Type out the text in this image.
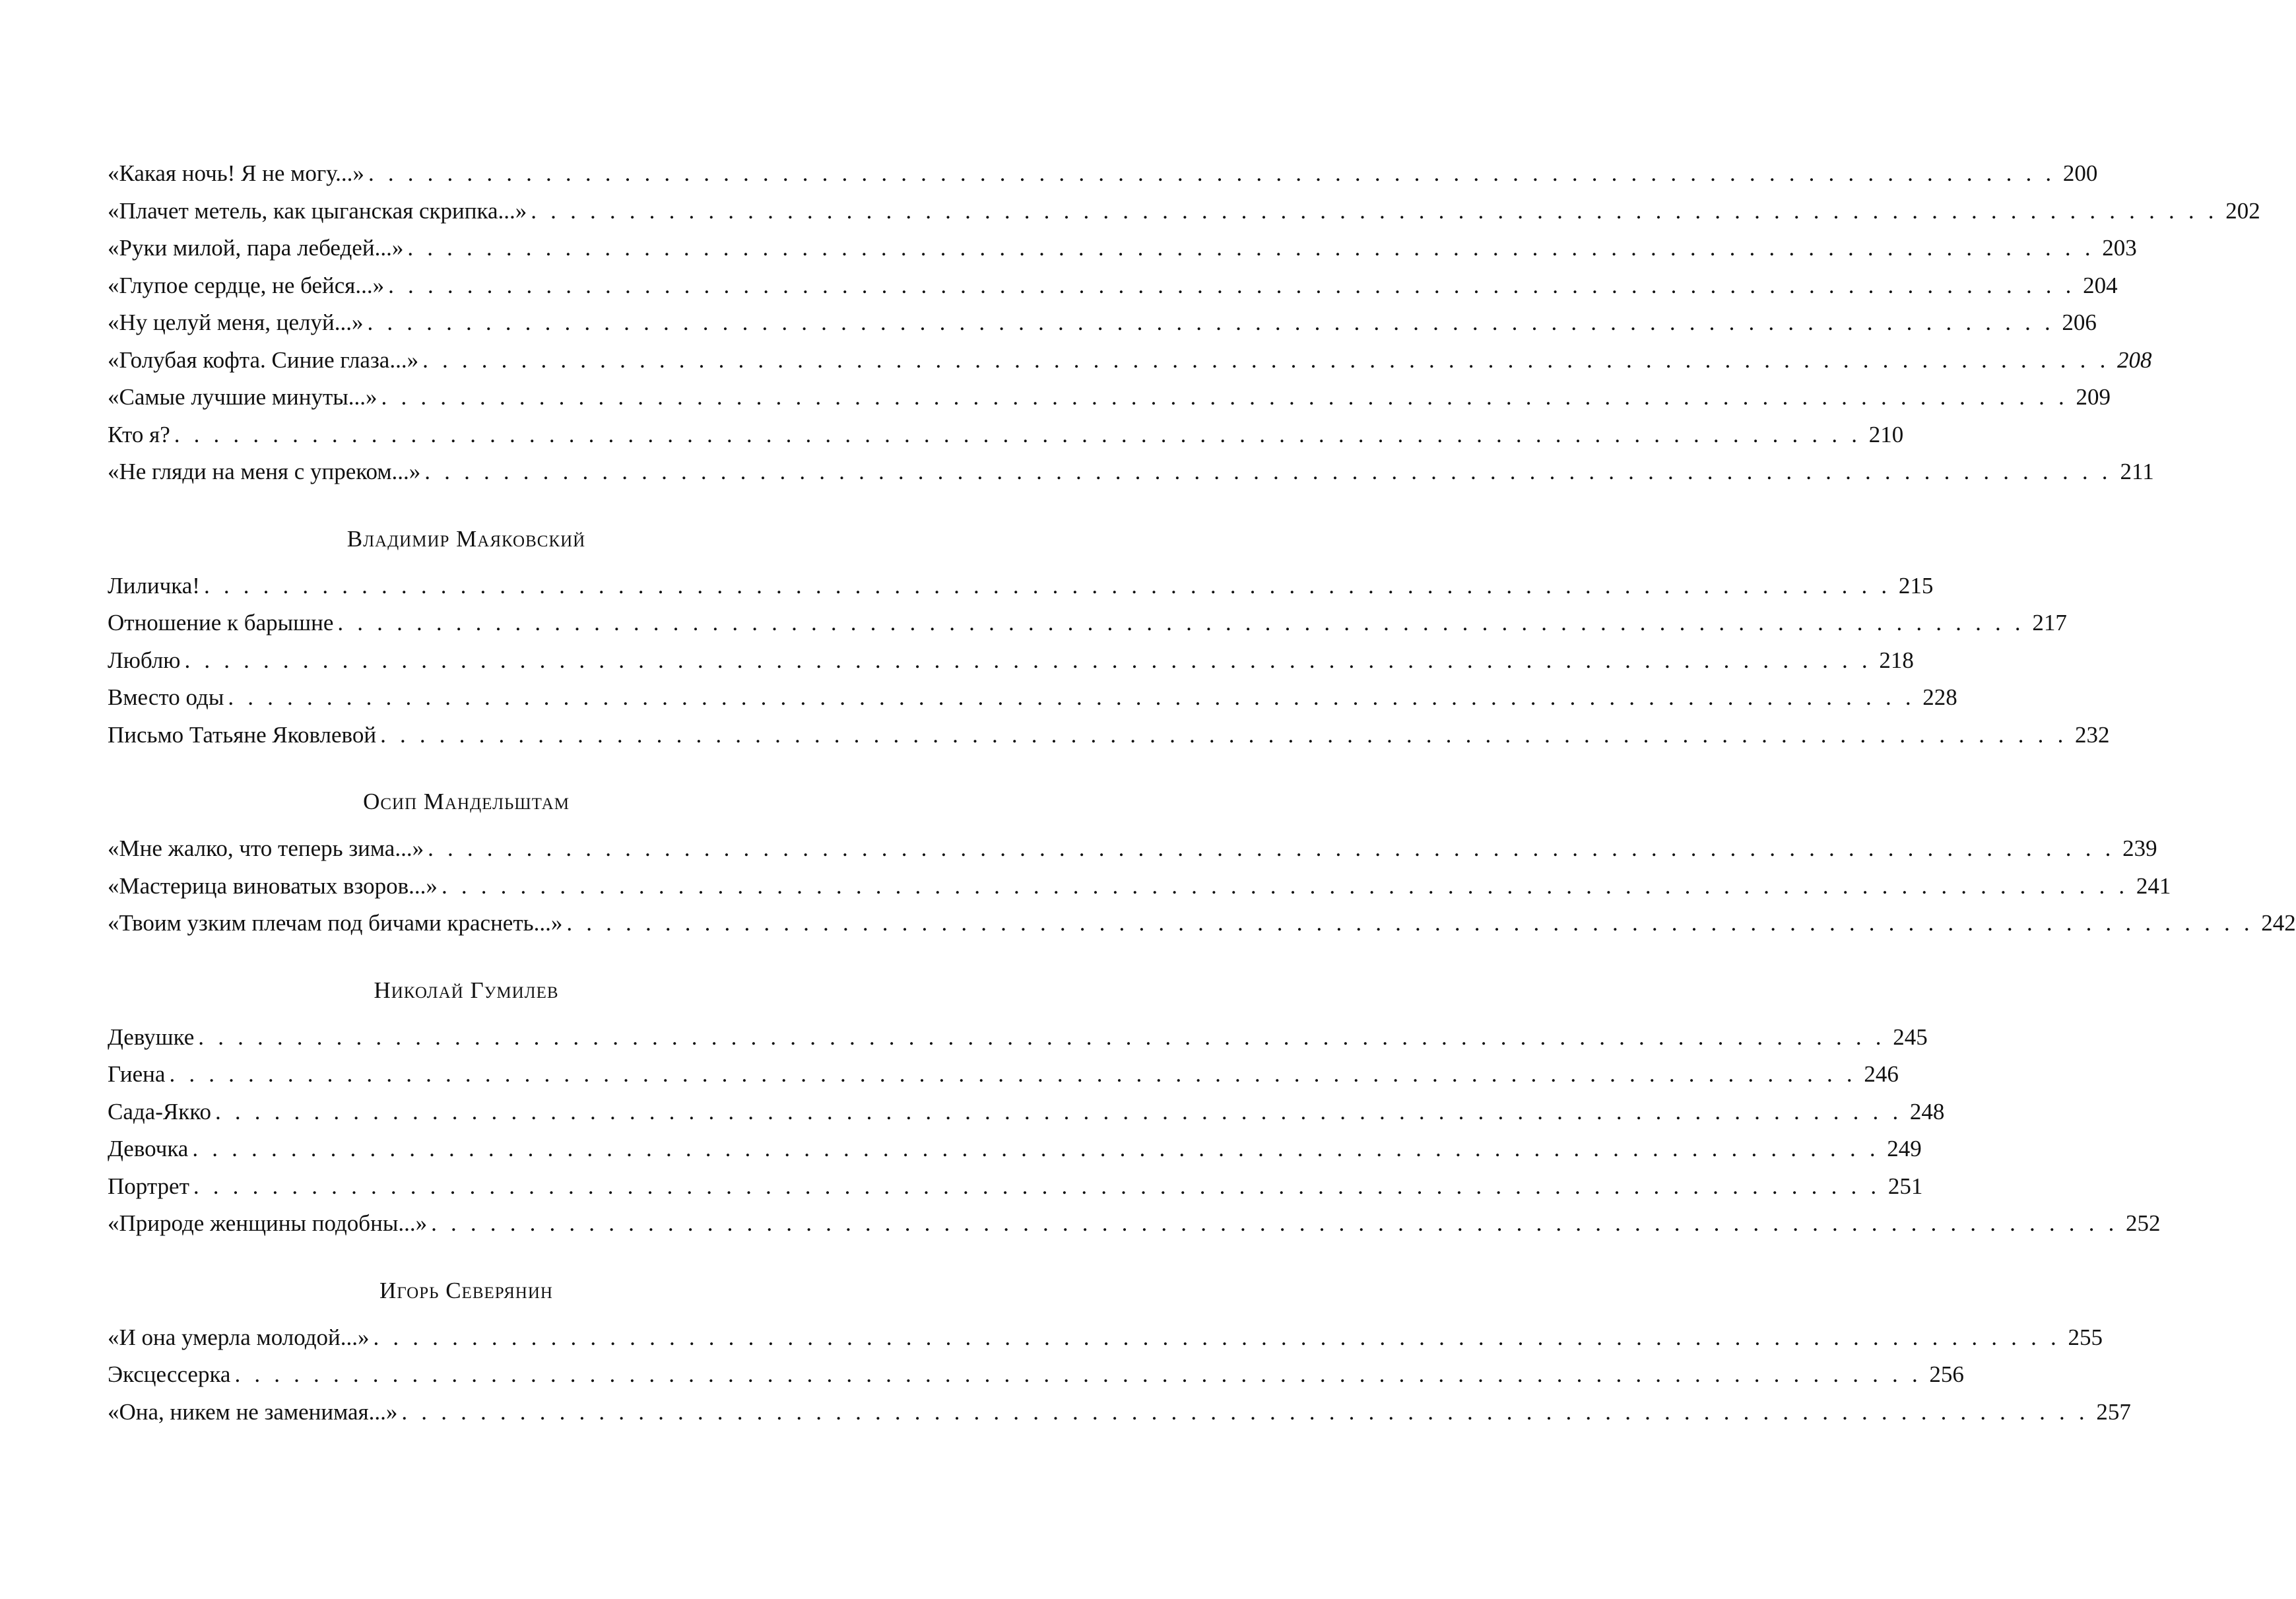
«Какая ночь! Я не могу...» . . . . . . . . . . . . . . . . . . . . . . . . . . . . . . . . . . . . . . . . . . . . . . . . . . . . . . . . . . . . . . . . . . . . . . . . . . . . . . . . . . . . . . 200
«Плачет метель, как цыганская скрипка...» . . . . . . . . . . . . . . . . . . . . . . . . . . . . . . . . . . . . . . . . . . . . . . . . . . . . . . . . . . . . . . . . . . . . . . . . . . . . . . . . . . . . . . 202
«Руки милой, пара лебедей...» . . . . . . . . . . . . . . . . . . . . . . . . . . . . . . . . . . . . . . . . . . . . . . . . . . . . . . . . . . . . . . . . . . . . . . . . . . . . . . . . . . . . . . 203
«Глупое сердце, не бейся...» . . . . . . . . . . . . . . . . . . . . . . . . . . . . . . . . . . . . . . . . . . . . . . . . . . . . . . . . . . . . . . . . . . . . . . . . . . . . . . . . . . . . . . 204
«Ну целуй меня, целуй...» . . . . . . . . . . . . . . . . . . . . . . . . . . . . . . . . . . . . . . . . . . . . . . . . . . . . . . . . . . . . . . . . . . . . . . . . . . . . . . . . . . . . . . 206
«Голубая кофта. Синие глаза...» . . . . . . . . . . . . . . . . . . . . . . . . . . . . . . . . . . . . . . . . . . . . . . . . . . . . . . . . . . . . . . . . . . . . . . . . . . . . . . . . . . . . . . 208
«Самые лучшие минуты...» . . . . . . . . . . . . . . . . . . . . . . . . . . . . . . . . . . . . . . . . . . . . . . . . . . . . . . . . . . . . . . . . . . . . . . . . . . . . . . . . . . . . . . 209
Кто я? . . . . . . . . . . . . . . . . . . . . . . . . . . . . . . . . . . . . . . . . . . . . . . . . . . . . . . . . . . . . . . . . . . . . . . . . . . . . . . . . . . . . . . 210
«Не гляди на меня с упреком...» . . . . . . . . . . . . . . . . . . . . . . . . . . . . . . . . . . . . . . . . . . . . . . . . . . . . . . . . . . . . . . . . . . . . . . . . . . . . . . . . . . . . . . 211
Владимир Маяковский
Лиличка! . . . . . . . . . . . . . . . . . . . . . . . . . . . . . . . . . . . . . . . . . . . . . . . . . . . . . . . . . . . . . . . . . . . . . . . . . . . . . . . . . . . . . . 215
Отношение к барышне . . . . . . . . . . . . . . . . . . . . . . . . . . . . . . . . . . . . . . . . . . . . . . . . . . . . . . . . . . . . . . . . . . . . . . . . . . . . . . . . . . . . . . 217
Люблю . . . . . . . . . . . . . . . . . . . . . . . . . . . . . . . . . . . . . . . . . . . . . . . . . . . . . . . . . . . . . . . . . . . . . . . . . . . . . . . . . . . . . . 218
Вместо оды . . . . . . . . . . . . . . . . . . . . . . . . . . . . . . . . . . . . . . . . . . . . . . . . . . . . . . . . . . . . . . . . . . . . . . . . . . . . . . . . . . . . . . 228
Письмо Татьяне Яковлевой . . . . . . . . . . . . . . . . . . . . . . . . . . . . . . . . . . . . . . . . . . . . . . . . . . . . . . . . . . . . . . . . . . . . . . . . . . . . . . . . . . . . . . 232
Осип Мандельштам
«Мне жалко, что теперь зима...» . . . . . . . . . . . . . . . . . . . . . . . . . . . . . . . . . . . . . . . . . . . . . . . . . . . . . . . . . . . . . . . . . . . . . . . . . . . . . . . . . . . . . . 239
«Мастерица виноватых взоров...» . . . . . . . . . . . . . . . . . . . . . . . . . . . . . . . . . . . . . . . . . . . . . . . . . . . . . . . . . . . . . . . . . . . . . . . . . . . . . . . . . . . . . . 241
«Твоим узким плечам под бичами краснеть...» . . . . . . . . . . . . . . . . . . . . . . . . . . . . . . . . . . . . . . . . . . . . . . . . . . . . . . . . . . . . . . . . . . . . . . . . . . . . . . . . . . . . . . 242
Николай Гумилев
Девушке . . . . . . . . . . . . . . . . . . . . . . . . . . . . . . . . . . . . . . . . . . . . . . . . . . . . . . . . . . . . . . . . . . . . . . . . . . . . . . . . . . . . . . 245
Гиена . . . . . . . . . . . . . . . . . . . . . . . . . . . . . . . . . . . . . . . . . . . . . . . . . . . . . . . . . . . . . . . . . . . . . . . . . . . . . . . . . . . . . . 246
Сада-Якко . . . . . . . . . . . . . . . . . . . . . . . . . . . . . . . . . . . . . . . . . . . . . . . . . . . . . . . . . . . . . . . . . . . . . . . . . . . . . . . . . . . . . . 248
Девочка . . . . . . . . . . . . . . . . . . . . . . . . . . . . . . . . . . . . . . . . . . . . . . . . . . . . . . . . . . . . . . . . . . . . . . . . . . . . . . . . . . . . . . 249
Портрет . . . . . . . . . . . . . . . . . . . . . . . . . . . . . . . . . . . . . . . . . . . . . . . . . . . . . . . . . . . . . . . . . . . . . . . . . . . . . . . . . . . . . . 251
«Природе женщины подобны...» . . . . . . . . . . . . . . . . . . . . . . . . . . . . . . . . . . . . . . . . . . . . . . . . . . . . . . . . . . . . . . . . . . . . . . . . . . . . . . . . . . . . . . 252
Игорь Северянин
«И она умерла молодой...» . . . . . . . . . . . . . . . . . . . . . . . . . . . . . . . . . . . . . . . . . . . . . . . . . . . . . . . . . . . . . . . . . . . . . . . . . . . . . . . . . . . . . . 255
Эксцессерка . . . . . . . . . . . . . . . . . . . . . . . . . . . . . . . . . . . . . . . . . . . . . . . . . . . . . . . . . . . . . . . . . . . . . . . . . . . . . . . . . . . . . . 256
«Она, никем не заменимая...» . . . . . . . . . . . . . . . . . . . . . . . . . . . . . . . . . . . . . . . . . . . . . . . . . . . . . . . . . . . . . . . . . . . . . . . . . . . . . . . . . . . . . . 257
